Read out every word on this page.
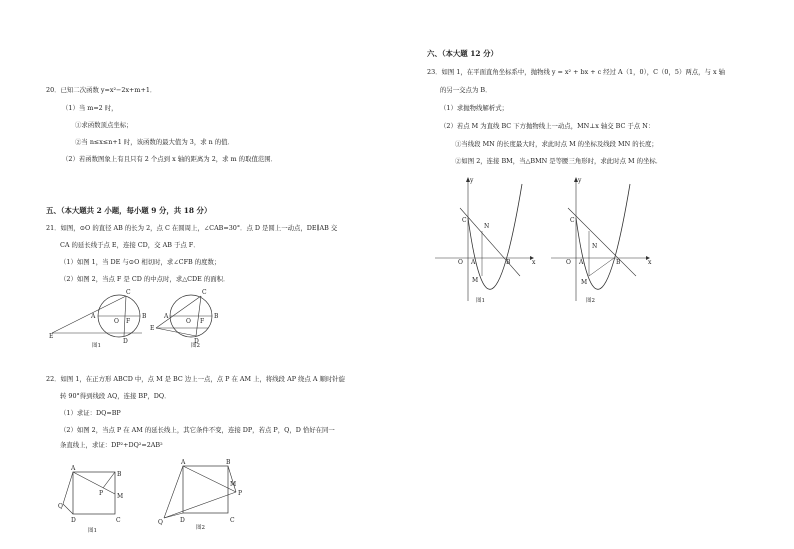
20．已知二次函数 y=x²−2x+m+1．
（1）当 m=2 时，
①求函数顶点坐标；
②当 n≤x≤n+1 时，该函数的最大值为 3，求 n 的值．
（2）若函数图象上有且只有 2 个点到 x 轴的距离为 2，求 m 的取值范围．
五、（本大题共 2 小题，每小题 9 分，共 18 分）
21．如图，⊙O 的直径 AB 的长为 2，点 C 在圆周上，∠CAB=30°．点 D 是圆上一动点，DE∥AB 交
CA 的延长线于点 E，连接 CD，交 AB 于点 F．
（1）如图 1，当 DE 与⊙O 相切时，求∠CFB 的度数；
（2）如图 2，当点 F 是 CD 的中点时，求△CDE 的面积．
E
A
C
O F
B
D
图1
E
A
C
O F
B
D
图2
22．如图 1，在正方形 ABCD 中，点 M 是 BC 边上一点，点 P 在 AM 上，将线段 AP 绕点 A 顺时针旋
转 90°得到线段 AQ，连接 BP，DQ．
（1）求证：DQ=BP
（2）如图 2，当点 P 在 AM 的延长线上，其它条件不变，连接 DP，若点 P，Q，D 恰好在同一
条直线上，求证：DP²+DQ²=2AB²
A
B
P M
Q
D	C
图1
A	B
M
P
Q	D	C
图2
六、（本大题 12 分）
23．如图 1，在平面直角坐标系中，抛物线 y = x² + bx + c 经过 A（1，0），C（0，5）两点，与 x 轴
的另一交点为 B．
（1）求抛物线解析式；
（2）若点 M 为直线 BC 下方抛物线上一动点，MN⊥x 轴交 BC 于点 N：
①当线段 MN 的长度最大时，求此时点 M 的坐标及线段 MN 的长度；
②如图 2，连接 BM，当△BMN 是等腰三角形时，求此时点 M 的坐标．
C
N
A
O	B	x
y
M
图1
C
N
A
O	B	x
y
M
图2
